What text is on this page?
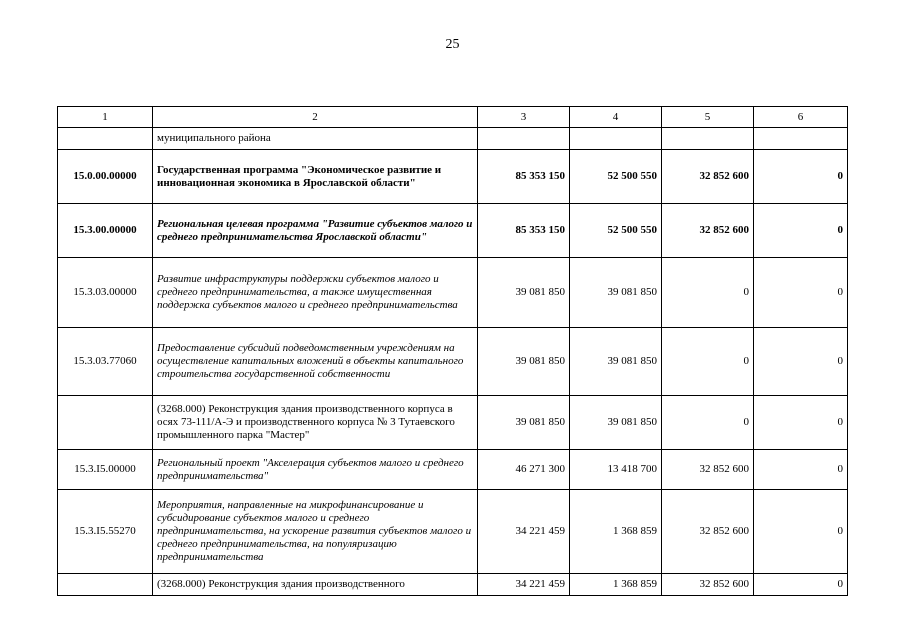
25
1	2	3	4	5	6
	муниципального района				
15.0.00.00000	Государственная программа "Экономическое развитие и инновационная экономика в Ярославской области"	85 353 150	52 500 550	32 852 600	0
15.3.00.00000	Региональная целевая программа "Развитие субъектов малого и среднего предпринимательства Ярославской области"	85 353 150	52 500 550	32 852 600	0
15.3.03.00000	Развитие инфраструктуры поддержки субъектов малого и среднего предпринимательства, а также имущественная поддержка субъектов малого и среднего предпринимательства	39 081 850	39 081 850	0	0
15.3.03.77060	Предоставление субсидий подведомственным учреждениям на осуществление капитальных вложений в объекты капитального строительства государственной собственности	39 081 850	39 081 850	0	0
	(3268.000) Реконструкция здания производственного корпуса в осях 73-111/А-Э и производственного корпуса № 3 Тутаевского промышленного парка "Мастер"	39 081 850	39 081 850	0	0
15.3.I5.00000	Региональный проект "Акселерация субъектов малого и среднего предпринимательства"	46 271 300	13 418 700	32 852 600	0
15.3.I5.55270	Мероприятия, направленные на микрофинансирование и субсидирование субъектов малого и среднего предпринимательства, на ускорение развития субъектов малого и среднего предпринимательства, на популяризацию предпринимательства	34 221 459	1 368 859	32 852 600	0
	(3268.000) Реконструкция здания производственного	34 221 459	1 368 859	32 852 600	0
